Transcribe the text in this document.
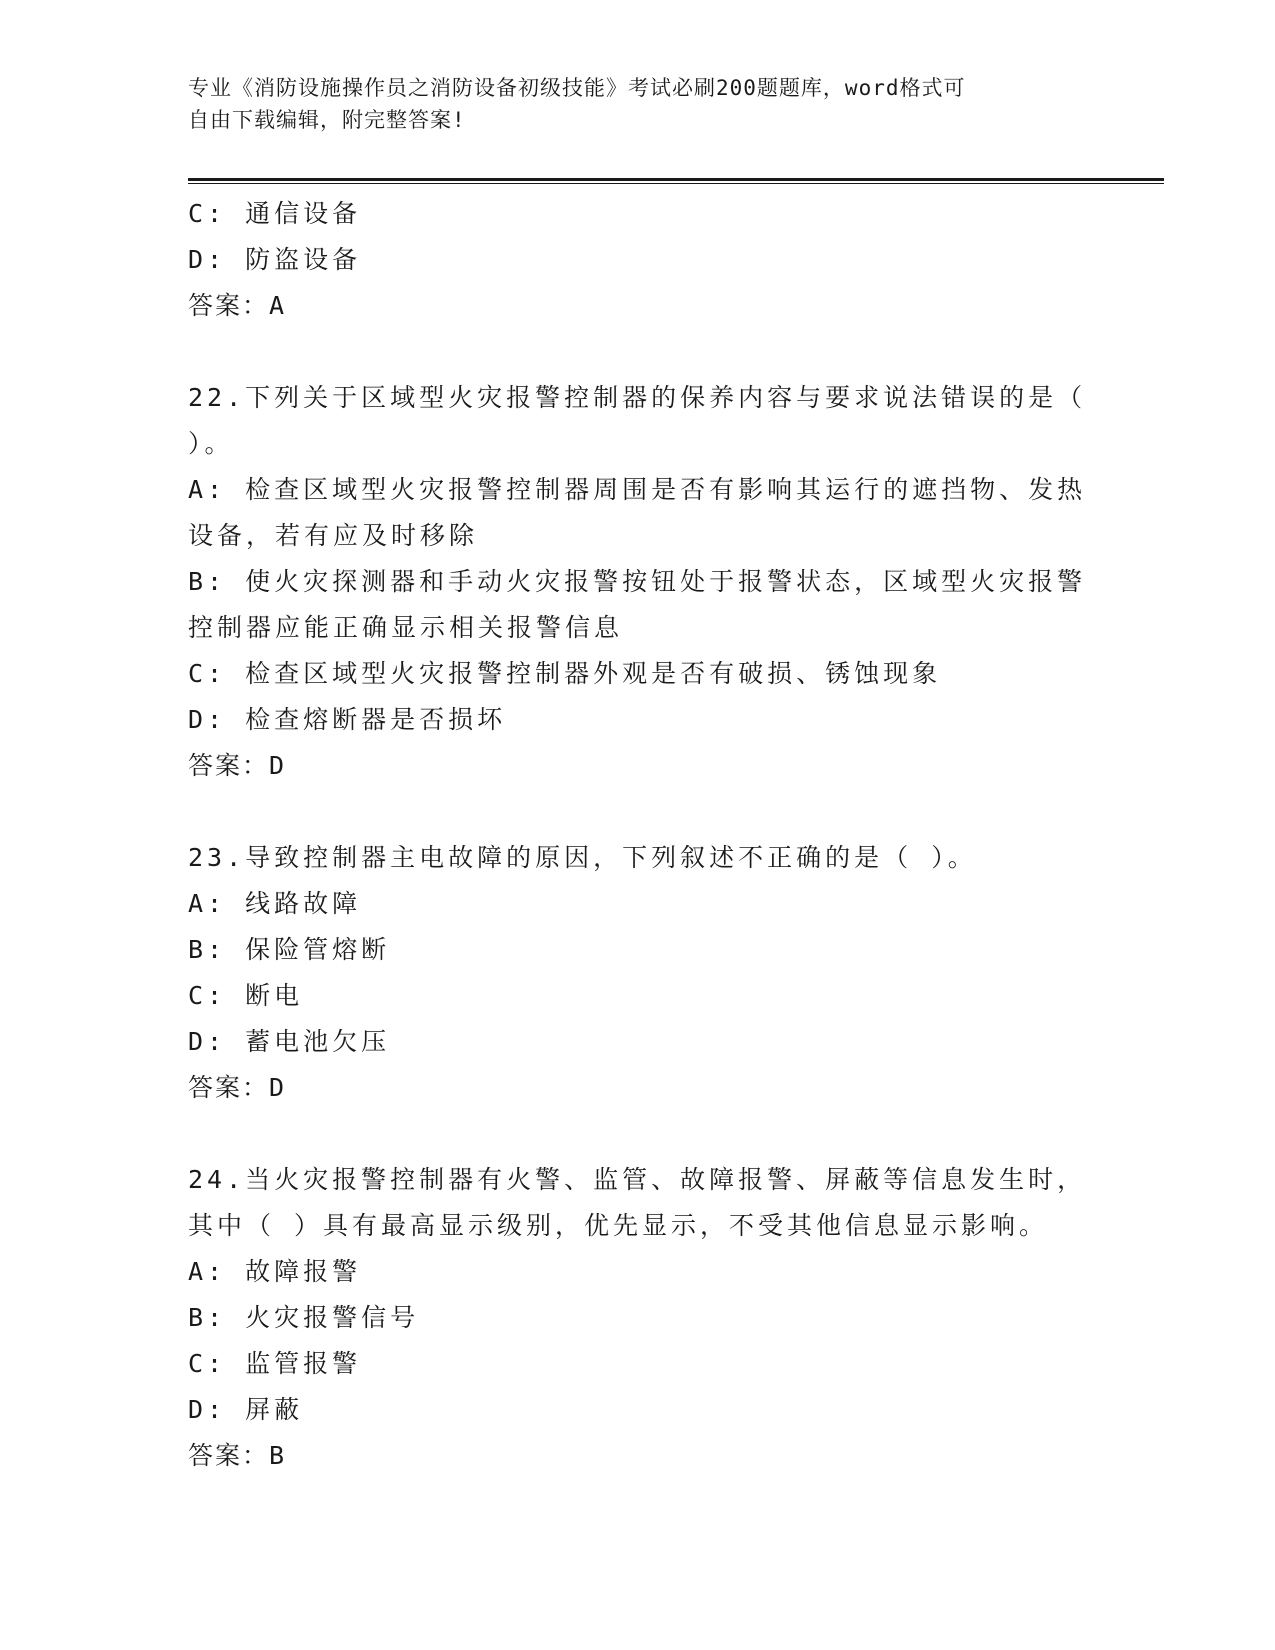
专业《消防设施操作员之消防设备初级技能》考试必刷200题题库，word格式可
自由下载编辑，附完整答案!
C: 通信设备
D: 防盗设备
答案：A
22.下列关于区域型火灾报警控制器的保养内容与要求说法错误的是（
）。
A: 检查区域型火灾报警控制器周围是否有影响其运行的遮挡物、发热
设备，若有应及时移除
B: 使火灾探测器和手动火灾报警按钮处于报警状态，区域型火灾报警
控制器应能正确显示相关报警信息
C: 检查区域型火灾报警控制器外观是否有破损、锈蚀现象
D: 检查熔断器是否损坏
答案：D
23.导致控制器主电故障的原因，下列叙述不正确的是（ ）。
A: 线路故障
B: 保险管熔断
C: 断电
D: 蓄电池欠压
答案：D
24.当火灾报警控制器有火警、监管、故障报警、屏蔽等信息发生时，
其中（ ）具有最高显示级别，优先显示，不受其他信息显示影响。
A: 故障报警
B: 火灾报警信号
C: 监管报警
D: 屏蔽
答案：B
